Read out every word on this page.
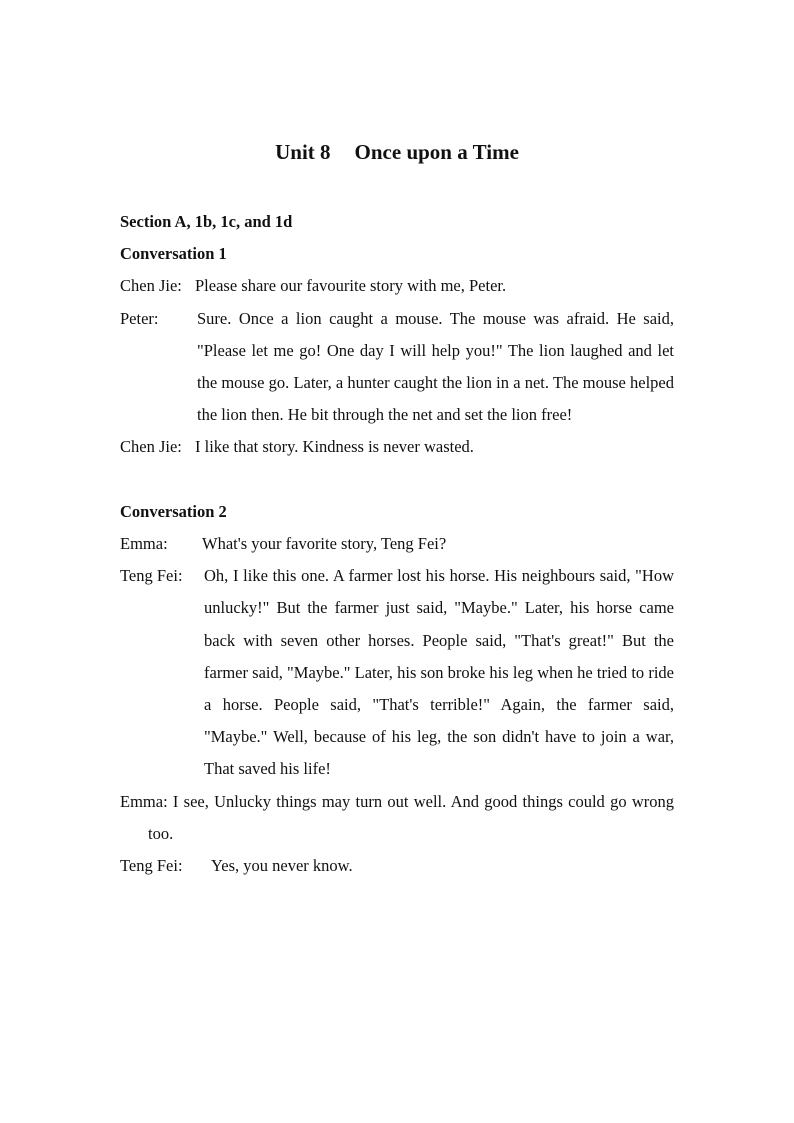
Unit 8 Once upon a Time
Section A, 1b, 1c, and 1d
Conversation 1
Chen Jie: Please share our favourite story with me, Peter.
Peter: Sure. Once a lion caught a mouse. The mouse was afraid. He said, "Please let me go! One day I will help you!" The lion laughed and let the mouse go. Later, a hunter caught the lion in a net. The mouse helped the lion then. He bit through the net and set the lion free!
Chen Jie: I like that story. Kindness is never wasted.
Conversation 2
Emma: What's your favorite story, Teng Fei?
Teng Fei: Oh, I like this one. A farmer lost his horse. His neighbours said, "How unlucky!" But the farmer just said, "Maybe." Later, his horse came back with seven other horses. People said, "That's great!" But the farmer said, "Maybe." Later, his son broke his leg when he tried to ride a horse. People said, "That's terrible!" Again, the farmer said, "Maybe." Well, because of his leg, the son didn't have to join a war, That saved his life!
Emma: I see, Unlucky things may turn out well. And good things could go wrong too.
Teng Fei: Yes, you never know.
